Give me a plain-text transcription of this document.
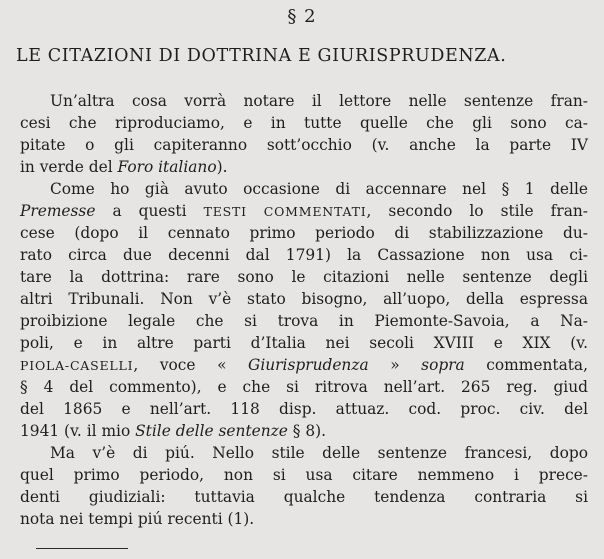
§ 2
LE CITAZIONI DI DOTTRINA E GIURISPRUDENZA.
Un’altra cosa vorrà notare il lettore nelle sentenze fran-
cesi che riproduciamo, e in tutte quelle che gli sono ca-
pitate o gli capiteranno sott’occhio (v. anche la parte IV
in verde del Foro italiano).
Come ho già avuto occasione di accennare nel § 1 delle
Premesse a questi TESTI COMMENTATI, secondo lo stile fran-
cese (dopo il cennato primo periodo di stabilizzazione du-
rato circa due decenni dal 1791) la Cassazione non usa ci-
tare la dottrina: rare sono le citazioni nelle sentenze degli
altri Tribunali. Non v’è stato bisogno, all’uopo, della espressa
proibizione legale che si trova in Piemonte-Savoia, a Na-
poli, e in altre parti d’Italia nei secoli XVIII e XIX (v.
PIOLA-CASELLI, voce « Giurisprudenza » sopra commentata,
§ 4 del commento), e che si ritrova nell’art. 265 reg. giud
del 1865 e nell’art. 118 disp. attuaz. cod. proc. civ. del
1941 (v. il mio Stile delle sentenze § 8).
Ma v’è di piú. Nello stile delle sentenze francesi, dopo
quel primo periodo, non si usa citare nemmeno i prece-
denti giudiziali: tuttavia qualche tendenza contraria si
nota nei tempi piú recenti (1).
